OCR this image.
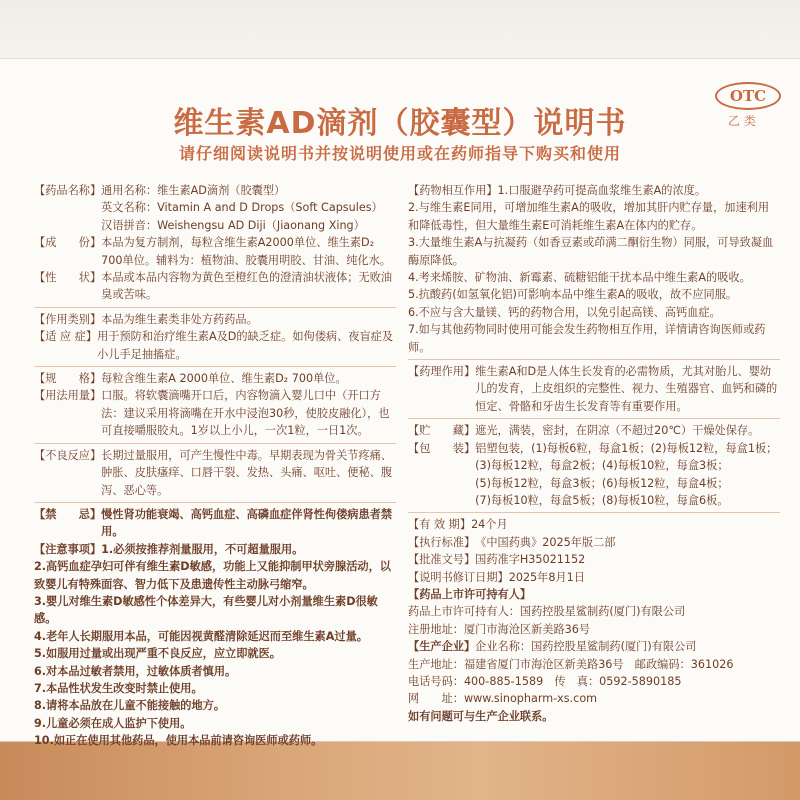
维生素AD滴剂（胶囊型）说明书
请仔细阅读说明书并按说明使用或在药师指导下购买和使用
OTC
乙 类
【药品名称】 通用名称：维生素AD滴剂（胶囊型）

英文名称：Vitamin A and D Drops（Soft Capsules）

汉语拼音：Weishengsu AD Diji（Jiaonang Xing）

【成　　份】 本品为复方制剂，每粒含维生素A2000单位、维生素D₂ 700单位。辅料为：植物油、胶囊用明胶、甘油、纯化水。

【性　　状】 本品或本品内容物为黄色至橙红色的澄清油状液体；无败油臭或苦味。

【作用类别】 本品为维生素类非处方药药品。

【适 应 症】 用于预防和治疗维生素A及D的缺乏症。如佝偻病、夜盲症及小儿手足抽搐症。

【规　　格】 每粒含维生素A 2000单位、维生素D₂ 700单位。

【用法用量】 口服。将软囊滴嘴开口后，内容物滴入婴儿口中（开口方法：建议采用将滴嘴在开水中浸泡30秒，使胶皮融化），也可直接嚼服胶丸。1岁以上小儿，一次1粒，一日1次。

【不良反应】 长期过量服用，可产生慢性中毒。早期表现为骨关节疼痛、肿胀、皮肤瘙痒、口唇干裂、发热、头痛、呕吐、便秘、腹泻、恶心等。

【禁　　忌】 慢性肾功能衰竭、高钙血症、高磷血症伴肾性佝偻病患者禁用。

【注意事项】 1.必须按推荐剂量服用，不可超量服用。

2.高钙血症孕妇可伴有维生素D敏感，功能上又能抑制甲状旁腺活动，以致婴儿有特殊面容、智力低下及患遗传性主动脉弓缩窄。

3.婴儿对维生素D敏感性个体差异大，有些婴儿对小剂量维生素D很敏感。

4.老年人长期服用本品，可能因视黄醛清除延迟而至维生素A过量。

5.如服用过量或出现严重不良反应，应立即就医。

6.对本品过敏者禁用，过敏体质者慎用。

7.本品性状发生改变时禁止使用。

8.请将本品放在儿童不能接触的地方。

9.儿童必须在成人监护下使用。

10.如正在使用其他药品，使用本品前请咨询医师或药师。

【药物相互作用】 1.口服避孕药可提高血浆维生素A的浓度。

2.与维生素E同用，可增加维生素A的吸收，增加其肝内贮存量，加速利用和降低毒性，但大量维生素E可消耗维生素A在体内的贮存。

3.大量维生素A与抗凝药（如香豆素或茚满二酮衍生物）同服，可导致凝血酶原降低。

4.考来烯胺、矿物油、新霉素、硫糖铝能干扰本品中维生素A的吸收。

5.抗酸药(如氢氧化铝)可影响本品中维生素A的吸收，故不应同服。

6.不应与含大量镁、钙的药物合用，以免引起高镁、高钙血症。

7.如与其他药物同时使用可能会发生药物相互作用，详情请咨询医师或药师。

【药理作用】 维生素A和D是人体生长发育的必需物质，尤其对胎儿、婴幼儿的发育，上皮组织的完整性、视力、生殖器官、血钙和磷的恒定、骨骼和牙齿生长发育等有重要作用。

【贮　　藏】 遮光，满装，密封，在阴凉（不超过20℃）干燥处保存。

【包　　装】 铝塑包装，(1)每板6粒，每盒1板；(2)每板12粒，每盒1板；

(3)每板12粒，每盒2板；(4)每板10粒，每盒3板；

(5)每板12粒，每盒3板；(6)每板12粒，每盒4板；

(7)每板10粒，每盒5板；(8)每板10粒，每盒6板。

【有 效 期】 24个月

【执行标准】 《中国药典》2025年版二部

【批准文号】 国药准字H35021152

【说明书修订日期】 2025年8月1日

【药品上市许可持有人】

药品上市许可持有人：国药控股星鲨制药(厦门)有限公司

注册地址：厦门市海沧区新美路36号

【生产企业】 企业名称：国药控股星鲨制药(厦门)有限公司

生产地址：福建省厦门市海沧区新美路36号　邮政编码：361026

电话号码：400-885-1589　传　真：0592-5890185

网　　址：www.sinopharm-xs.com

如有问题可与生产企业联系。
